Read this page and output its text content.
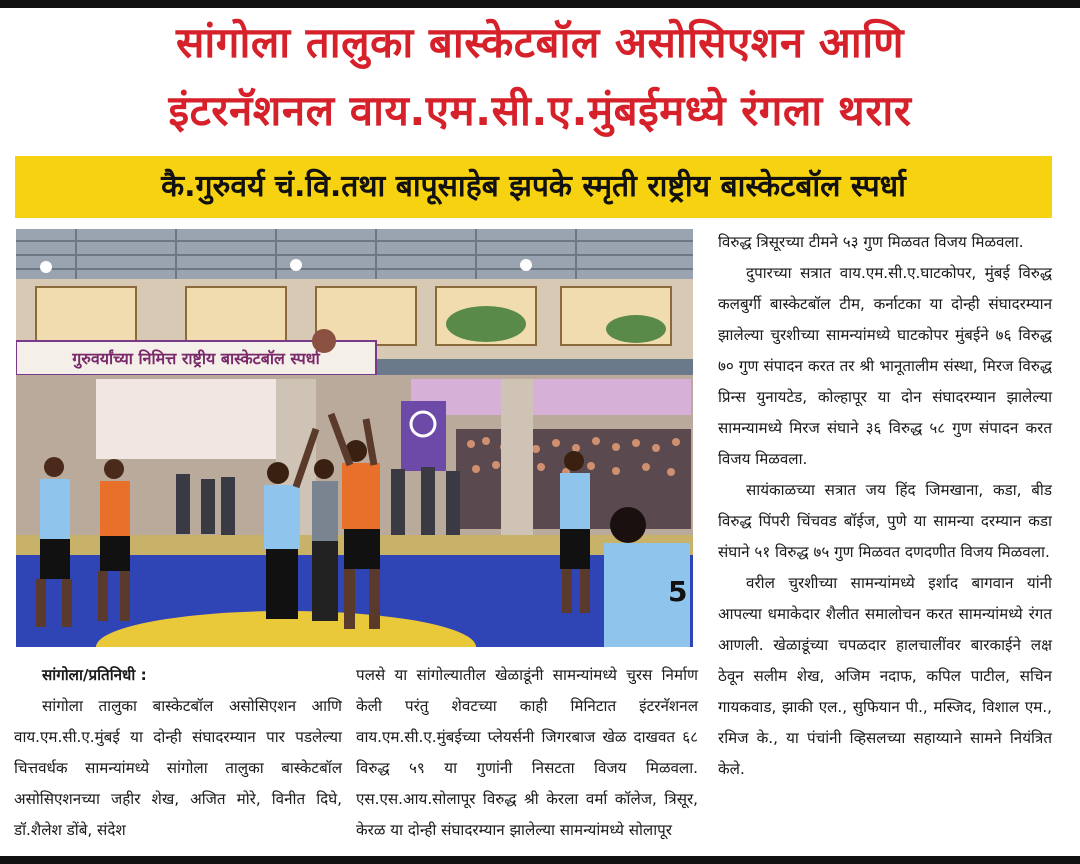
सांगोला तालुका बास्केटबॉल असोसिएशन आणि
इंटरनॅशनल वाय.एम.सी.ए.मुंबईमध्ये रंगला थरार
कै.गुरुवर्य चं.वि.तथा बापूसाहेब झपके स्मृती राष्ट्रीय बास्केटबॉल स्पर्धा
गुरुवर्यांच्या निमित्त राष्ट्रीय बास्केटबॉल स्पर्धा
5

विरुद्ध त्रिसूरच्या टीमने ५३ गुण मिळवत विजय मिळवला.

दुपारच्या सत्रात वाय.एम.सी.ए.घाटकोपर, मुंबई विरुद्ध कलबुर्गी बास्केटबॉल टीम, कर्नाटका या दोन्ही संघादरम्यान झालेल्या चुरशीच्या सामन्यांमध्ये घाटकोपर मुंबईने ७६ विरुद्ध ७० गुण संपादन करत तर श्री भानूतालीम संस्था, मिरज विरुद्ध प्रिन्स युनायटेड, कोल्हापूर या दोन संघादरम्यान झालेल्या सामन्यामध्ये मिरज संघाने ३६ विरुद्ध ५८ गुण संपादन करत विजय मिळवला.

सायंकाळच्या सत्रात जय हिंद जिमखाना, कडा, बीड विरुद्ध पिंपरी चिंचवड बॉईज, पुणे या सामन्या दरम्यान कडा संघाने ५१ विरुद्ध ७५ गुण मिळवत दणदणीत विजय मिळवला.

वरील चुरशीच्या सामन्यांमध्ये इर्शाद बागवान यांनी आपल्या धमाकेदार शैलीत समालोचन करत सामन्यांमध्ये रंगत आणली. खेळाडूंच्या चपळदार हालचालींवर बारकाईने लक्ष ठेवून सलीम शेख, अजिम नदाफ, कपिल पाटील, सचिन गायकवाड, झाकी एल., सुफियान पी., मस्जिद, विशाल एम., रमिज के., या पंचांनी व्हिसलच्या सहाय्याने सामने नियंत्रित केले.

सांगोला/प्रतिनिधी :

सांगोला तालुका बास्केटबॉल असोसिएशन आणि वाय.एम.सी.ए.मुंबई या दोन्ही संघादरम्यान पार पडलेल्या चित्तवर्धक सामन्यांमध्ये सांगोला तालुका बास्केटबॉल असोसिएशनच्या जहीर शेख, अजित मोरे, विनीत दिघे, डॉ.शैलेश डोंबे, संदेश

पलसे या सांगोल्यातील खेळाडूंनी सामन्यांमध्ये चुरस निर्माण केली परंतु शेवटच्या काही मिनिटात इंटरनॅशनल वाय.एम.सी.ए.मुंबईच्या प्लेयर्सनी जिगरबाज खेळ दाखवत ६८ विरुद्ध ५९ या गुणांनी निसटता विजय मिळवला. एस.एस.आय.सोलापूर विरुद्ध श्री केरला वर्मा कॉलेज, त्रिसूर, केरळ या दोन्ही संघादरम्यान झालेल्या सामन्यांमध्ये सोलापूर
